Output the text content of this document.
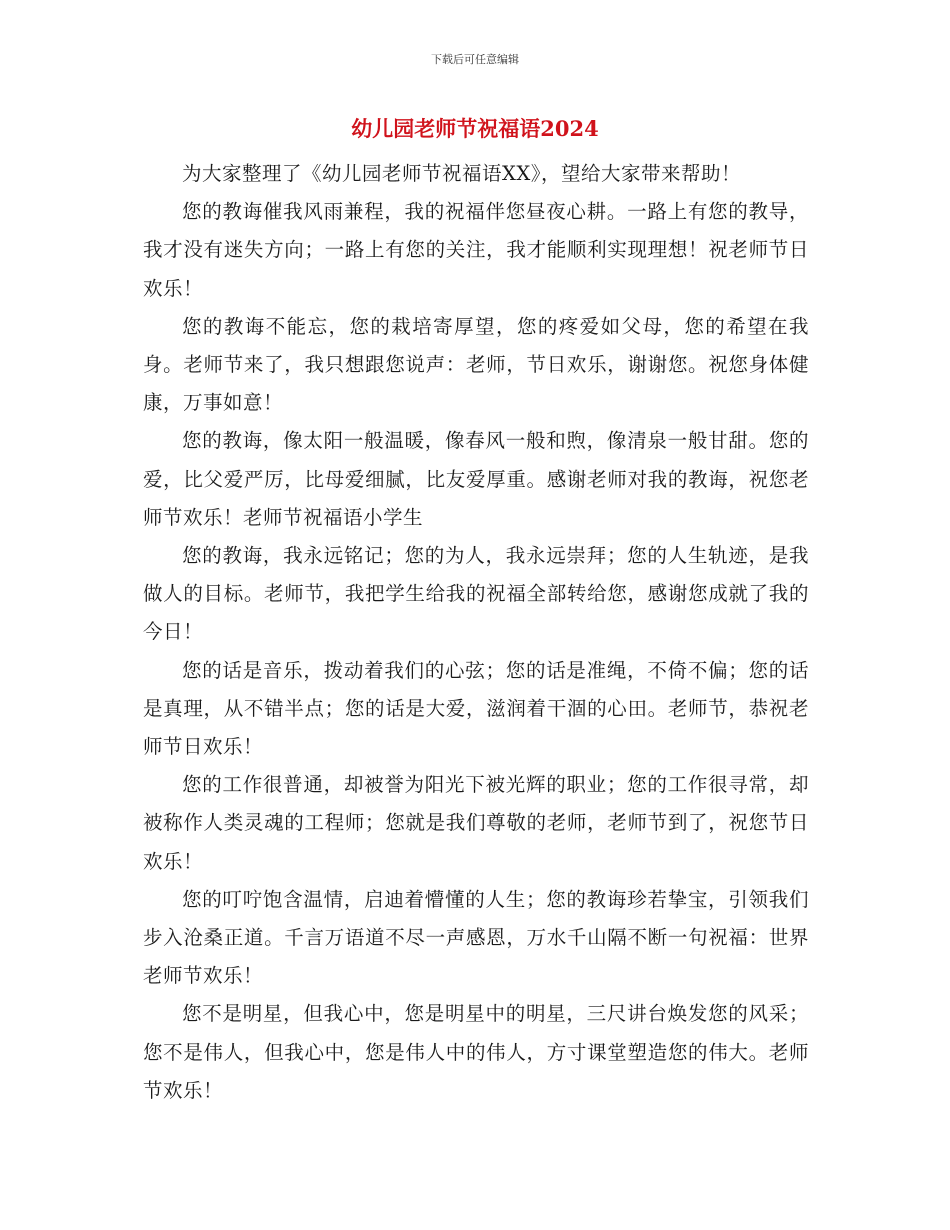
下载后可任意编辑
幼儿园老师节祝福语2024

为大家整理了《幼儿园老师节祝福语XX》，望给大家带来帮助！

您的教诲催我风雨兼程，我的祝福伴您昼夜心耕。一路上有您的教导，我才没有迷失方向；一路上有您的关注，我才能顺利实现理想！祝老师节日欢乐！

您的教诲不能忘，您的栽培寄厚望，您的疼爱如父母，您的希望在我身。老师节来了，我只想跟您说声：老师，节日欢乐，谢谢您。祝您身体健康，万事如意！

您的教诲，像太阳一般温暖，像春风一般和煦，像清泉一般甘甜。您的爱，比父爱严厉，比母爱细腻，比友爱厚重。感谢老师对我的教诲，祝您老师节欢乐！老师节祝福语小学生

您的教诲，我永远铭记；您的为人，我永远崇拜；您的人生轨迹，是我做人的目标。老师节，我把学生给我的祝福全部转给您，感谢您成就了我的今日！

您的话是音乐，拨动着我们的心弦；您的话是准绳，不倚不偏；您的话是真理，从不错半点；您的话是大爱，滋润着干涸的心田。老师节，恭祝老师节日欢乐！

您的工作很普通，却被誉为阳光下被光辉的职业；您的工作很寻常，却被称作人类灵魂的工程师；您就是我们尊敬的老师，老师节到了，祝您节日欢乐！

您的叮咛饱含温情，启迪着懵懂的人生；您的教诲珍若挚宝，引领我们步入沧桑正道。千言万语道不尽一声感恩，万水千山隔不断一句祝福：世界老师节欢乐！

您不是明星，但我心中，您是明星中的明星，三尺讲台焕发您的风采；您不是伟人，但我心中，您是伟人中的伟人，方寸课堂塑造您的伟大。老师节欢乐！
